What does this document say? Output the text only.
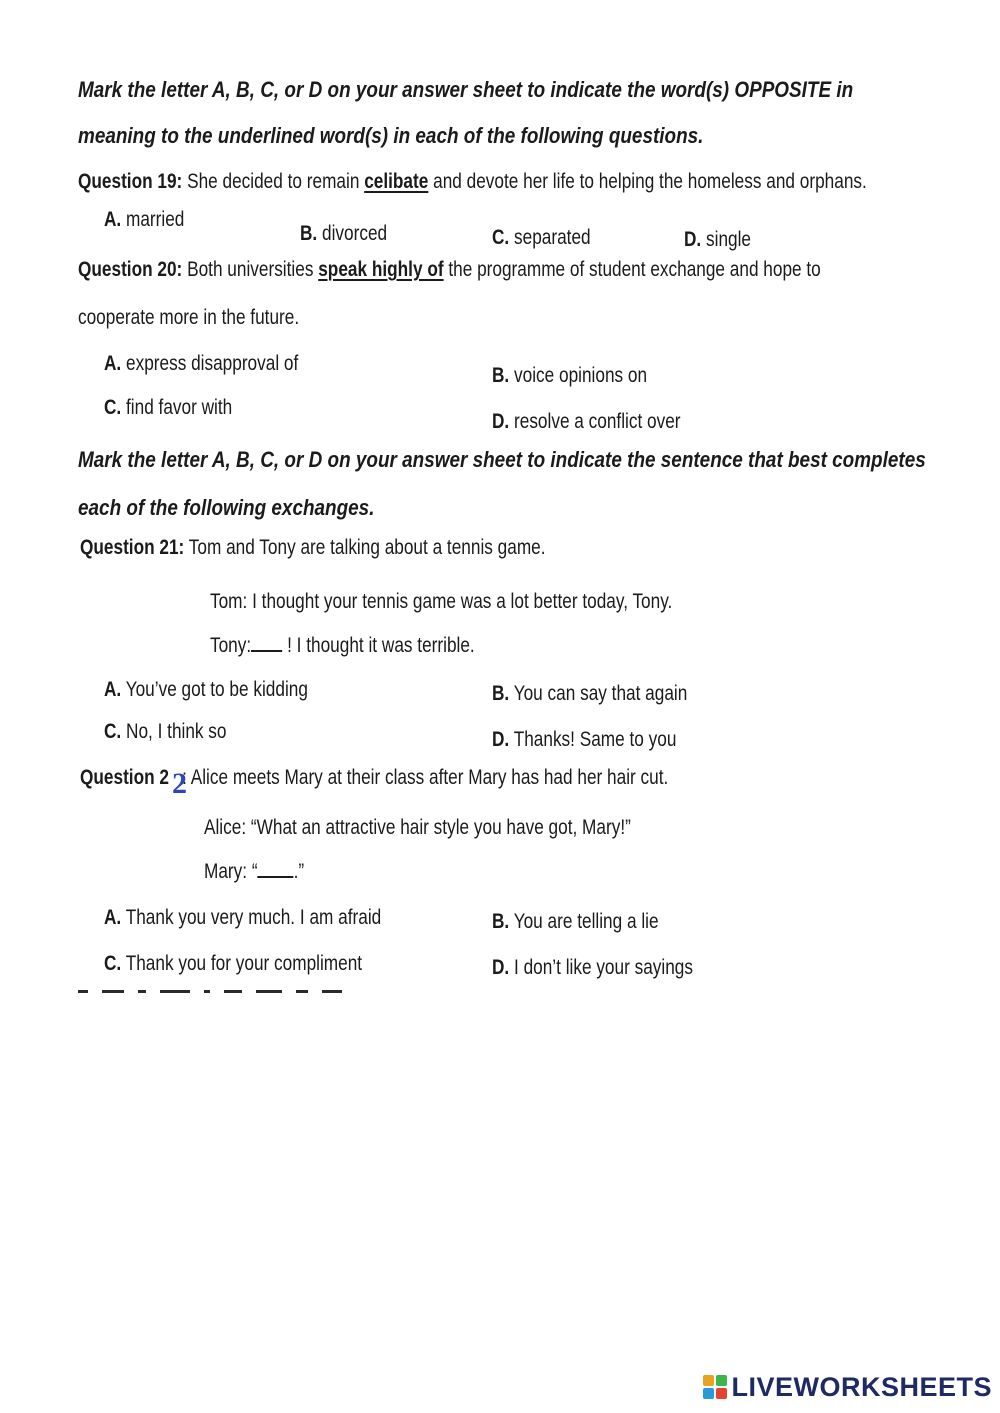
Mark the letter A, B, C, or D on your answer sheet to indicate the word(s) OPPOSITE in
meaning to the underlined word(s) in each of the following questions.
Question 19: She decided to remain celibate and devote her life to helping the homeless and orphans.
A. married
B. divorced	C. separated	D. single
Question 20: Both universities speak highly of the programme of student exchange and hope to
cooperate more in the future.
A. express disapproval of
B. voice opinions on
C. find favor with
D. resolve a conflict over
Mark the letter A, B, C, or D on your answer sheet to indicate the sentence that best completes
each of the following exchanges.
Question 21: Tom and Tony are talking about a tennis game.
Tom: I thought your tennis game was a lot better today, Tony.
Tony: ! I thought it was terrible.
A. You’ve got to be kidding	B. You can say that again
C. No, I think so	D. Thanks! Same to you
Question 2 : Alice meets Mary at their class after Mary has had her hair cut.
2
Alice: “What an attractive hair style you have got, Mary!”
Mary: “ .”
A. Thank you very much. I am afraid	B. You are telling a lie
C. Thank you for your compliment	D. I don’t like your sayings
LIVEWORKSHEETS
